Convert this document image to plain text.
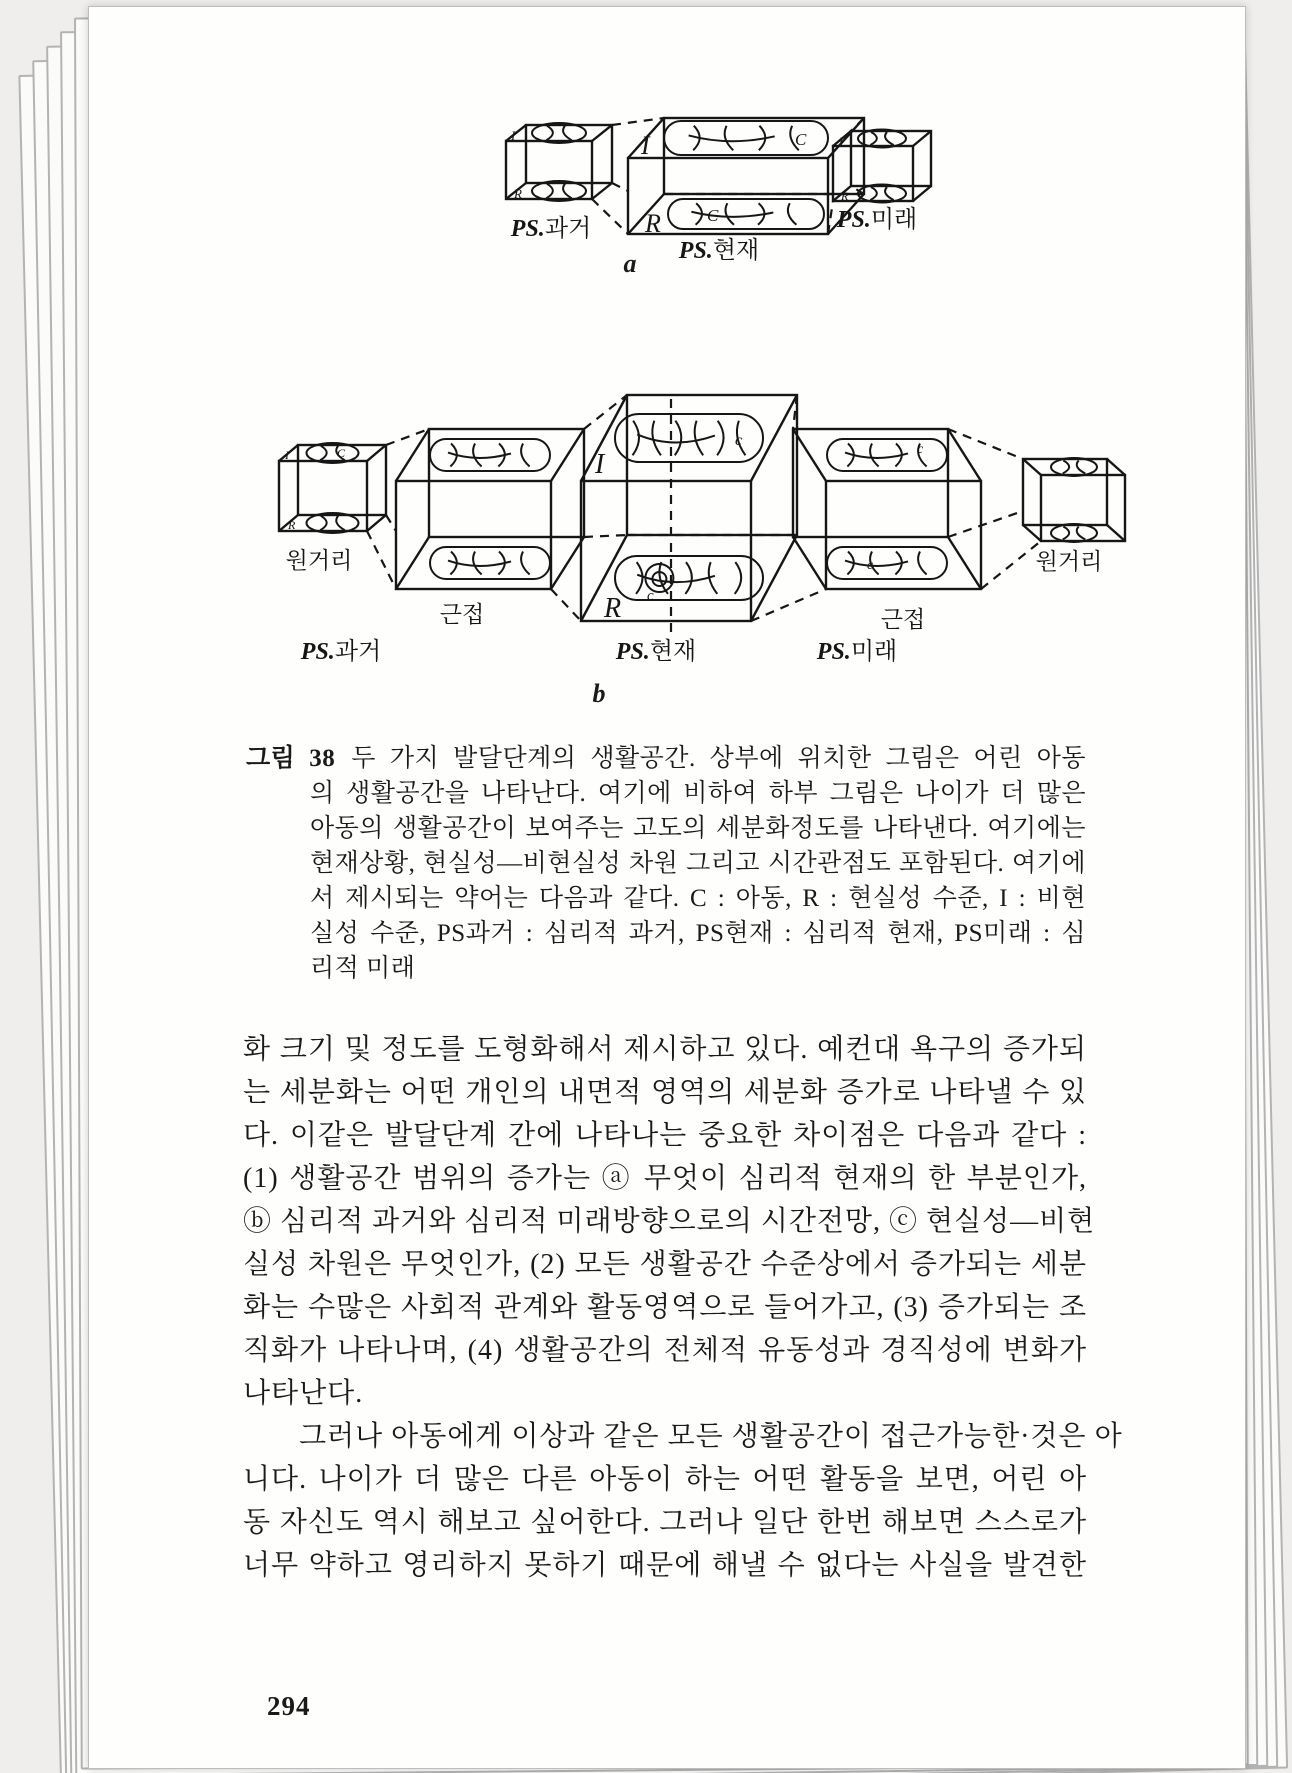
I
R
I
R
C
C
I
R
PS.과거
PS.현재
PS.미래
a
I
R
C	I
R
c
c
c
c
원거리
근접	근접
원거리
PS.과거	PS.현재	PS.미래
b
그림 38 두 가지 발달단계의 생활공간. 상부에 위치한 그림은 어린 아동
의 생활공간을 나타난다. 여기에 비하여 하부 그림은 나이가 더 많은
아동의 생활공간이 보여주는 고도의 세분화정도를 나타낸다. 여기에는
현재상황, 현실성—비현실성 차원 그리고 시간관점도 포함된다. 여기에
서 제시되는 약어는 다음과 같다. C : 아동, R : 현실성 수준, I : 비현
실성 수준, PS과거 : 심리적 과거, PS현재 : 심리적 현재, PS미래 : 심
리적 미래
화 크기 및 정도를 도형화해서 제시하고 있다. 예컨대 욕구의 증가되
는 세분화는 어떤 개인의 내면적 영역의 세분화 증가로 나타낼 수 있
다. 이같은 발달단계 간에 나타나는 중요한 차이점은 다음과 같다 :
(1) 생활공간 범위의 증가는 ⓐ 무엇이 심리적 현재의 한 부분인가,
ⓑ 심리적 과거와 심리적 미래방향으로의 시간전망, ⓒ 현실성—비현
실성 차원은 무엇인가, (2) 모든 생활공간 수준상에서 증가되는 세분
화는 수많은 사회적 관계와 활동영역으로 들어가고, (3) 증가되는 조
직화가 나타나며, (4) 생활공간의 전체적 유동성과 경직성에 변화가
나타난다.
그러나 아동에게 이상과 같은 모든 생활공간이 접근가능한·것은 아
니다. 나이가 더 많은 다른 아동이 하는 어떤 활동을 보면, 어린 아
동 자신도 역시 해보고 싶어한다. 그러나 일단 한번 해보면 스스로가
너무 약하고 영리하지 못하기 때문에 해낼 수 없다는 사실을 발견한
294
